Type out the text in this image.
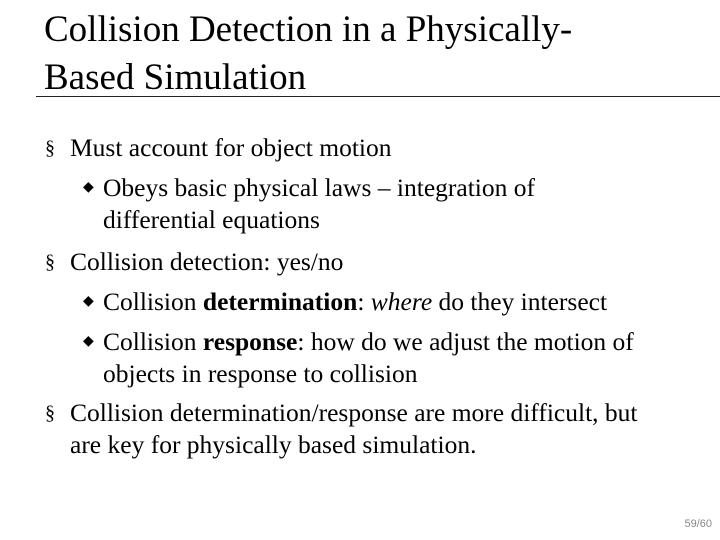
Collision Detection in a Physically-
Based Simulation
§ Must account for object motion
◆ Obeys basic physical laws – integration of differential equations
§ Collision detection: yes/no
◆ Collision determination: where do they intersect
◆ Collision response: how do we adjust the motion of objects in response to collision
§ Collision determination/response are more difficult, but are key for physically based simulation.
59/60
